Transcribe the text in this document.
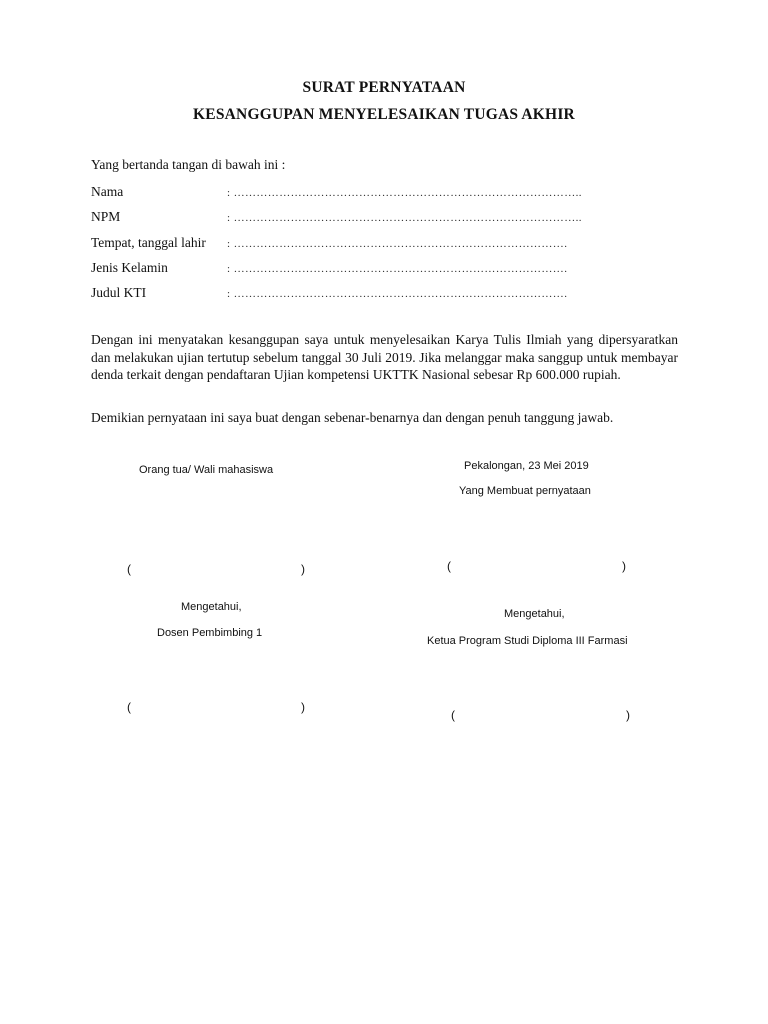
SURAT PERNYATAAN
KESANGGUPAN MENYELESAIKAN TUGAS AKHIR
Yang bertanda tangan di bawah ini :
Nama	: ………………………………………………………………………………..
NPM	: ………………………………………………………………………………..
Tempat, tanggal lahir : …………………………………………………………………………….
Jenis Kelamin	: …………………………………………………………………………….
Judul KTI	: …………………………………………………………………………….
Dengan ini menyatakan kesanggupan saya untuk menyelesaikan Karya Tulis Ilmiah yang dipersyaratkan dan melakukan ujian tertutup sebelum tanggal 30 Juli 2019. Jika melanggar maka sanggup untuk membayar denda terkait dengan pendaftaran Ujian kompetensi UKTTK Nasional sebesar Rp 600.000 rupiah.
Demikian pernyataan ini saya buat dengan sebenar-benarnya dan dengan penuh tanggung jawab.
Orang tua/ Wali mahasiswa
(	)
Pekalongan, 23 Mei 2019
Yang Membuat pernyataan
(	)
Mengetahui,
Dosen Pembimbing 1
(	)
Mengetahui,
Ketua Program Studi Diploma III Farmasi
(	)
